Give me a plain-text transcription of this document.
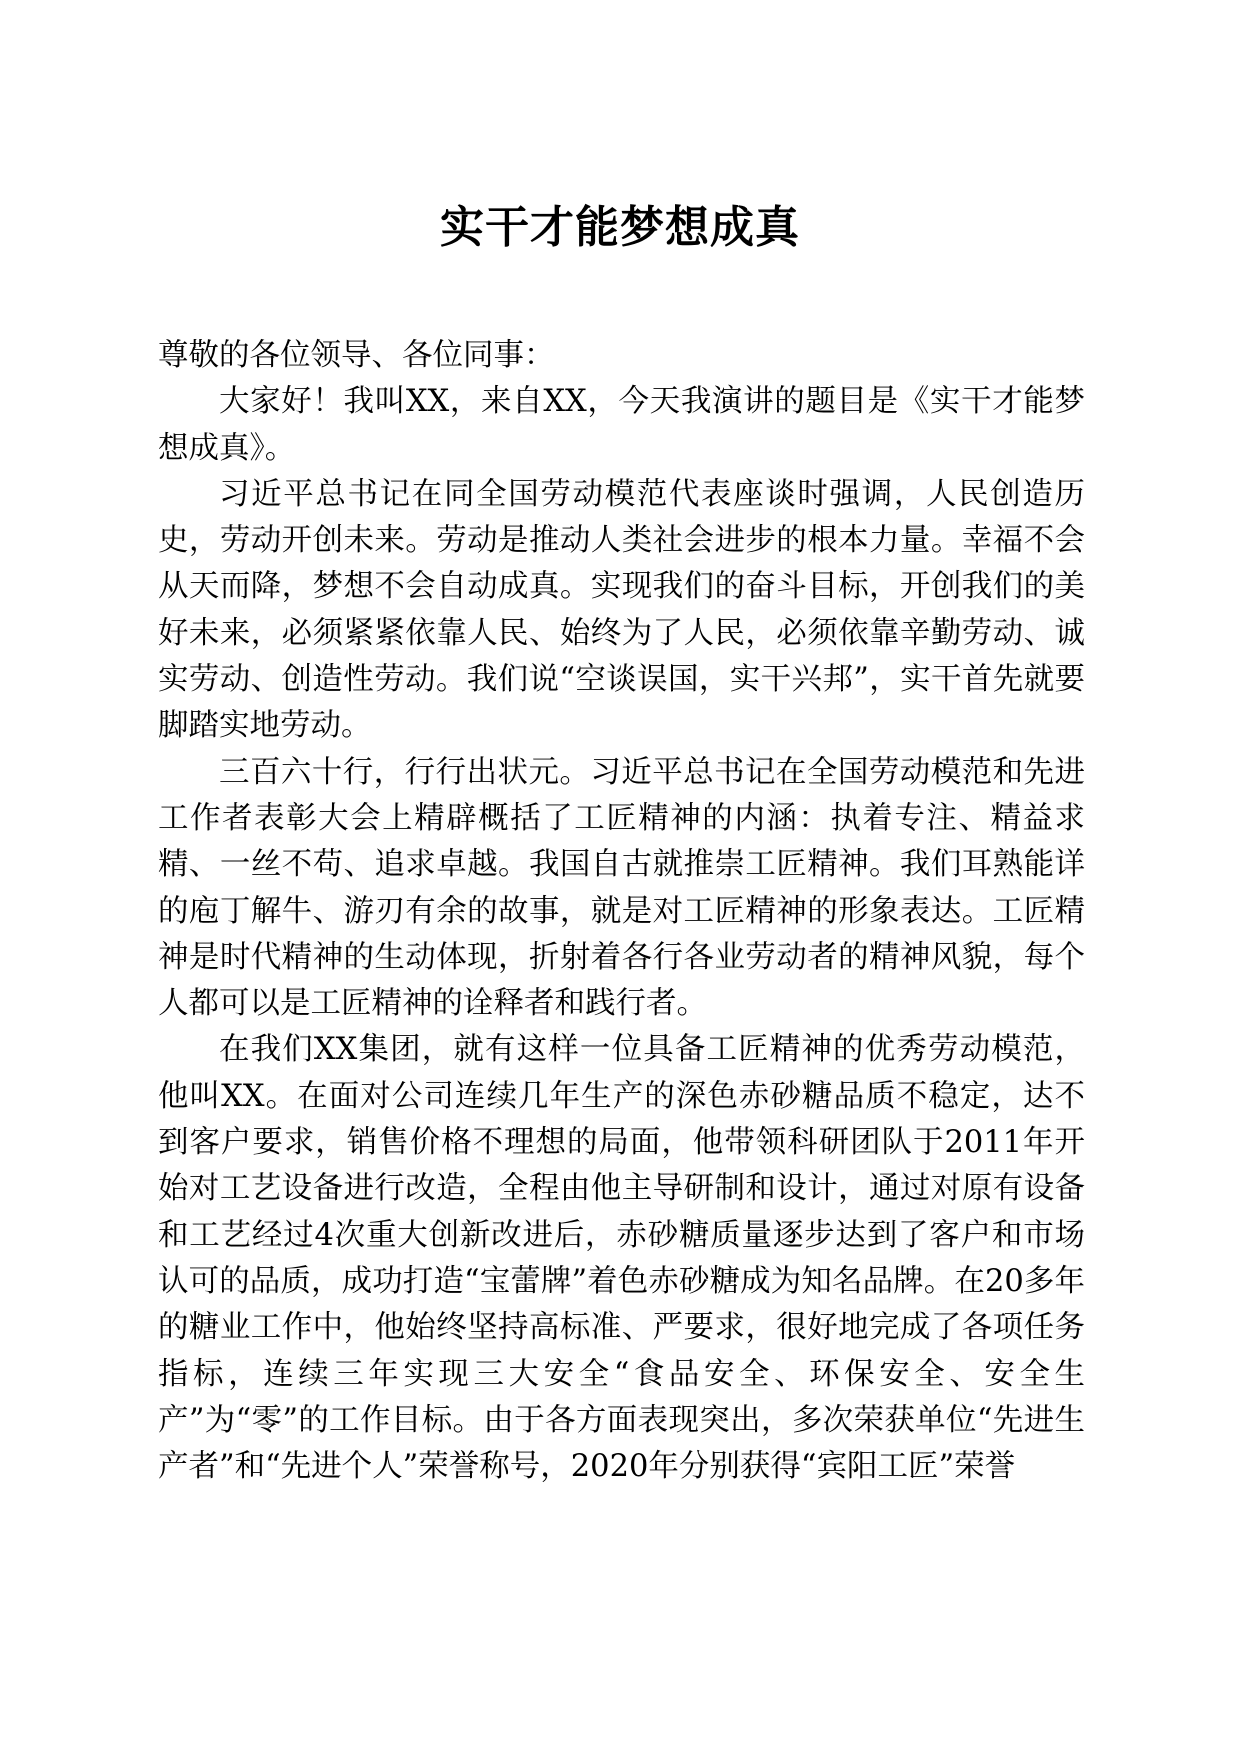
实干才能梦想成真

尊敬的各位领导、各位同事：

大家好！我叫XX，来自XX，今天我演讲的题目是《实干才能梦想成真》。

习近平总书记在同全国劳动模范代表座谈时强调，人民创造历史，劳动开创未来。劳动是推动人类社会进步的根本力量。幸福不会从天而降，梦想不会自动成真。实现我们的奋斗目标，开创我们的美好未来，必须紧紧依靠人民、始终为了人民，必须依靠辛勤劳动、诚实劳动、创造性劳动。我们说“空谈误国，实干兴邦”，实干首先就要脚踏实地劳动。

三百六十行，行行出状元。习近平总书记在全国劳动模范和先进工作者表彰大会上精辟概括了工匠精神的内涵：执着专注、精益求精、一丝不苟、追求卓越。我国自古就推崇工匠精神。我们耳熟能详的庖丁解牛、游刃有余的故事，就是对工匠精神的形象表达。工匠精神是时代精神的生动体现，折射着各行各业劳动者的精神风貌，每个人都可以是工匠精神的诠释者和践行者。

在我们XX集团，就有这样一位具备工匠精神的优秀劳动模范，他叫XX。在面对公司连续几年生产的深色赤砂糖品质不稳定，达不到客户要求，销售价格不理想的局面，他带领科研团队于2011年开始对工艺设备进行改造，全程由他主导研制和设计，通过对原有设备和工艺经过4次重大创新改进后，赤砂糖质量逐步达到了客户和市场认可的品质，成功打造“宝蕾牌”着色赤砂糖成为知名品牌。在20多年的糖业工作中，他始终坚持高标准、严要求，很好地完成了各项任务指标，连续三年实现三大安全“食品安全、环保安全、安全生产”为“零”的工作目标。由于各方面表现突出，多次荣获单位“先进生产者”和“先进个人”荣誉称号，2020年分别获得“宾阳工匠”荣誉
